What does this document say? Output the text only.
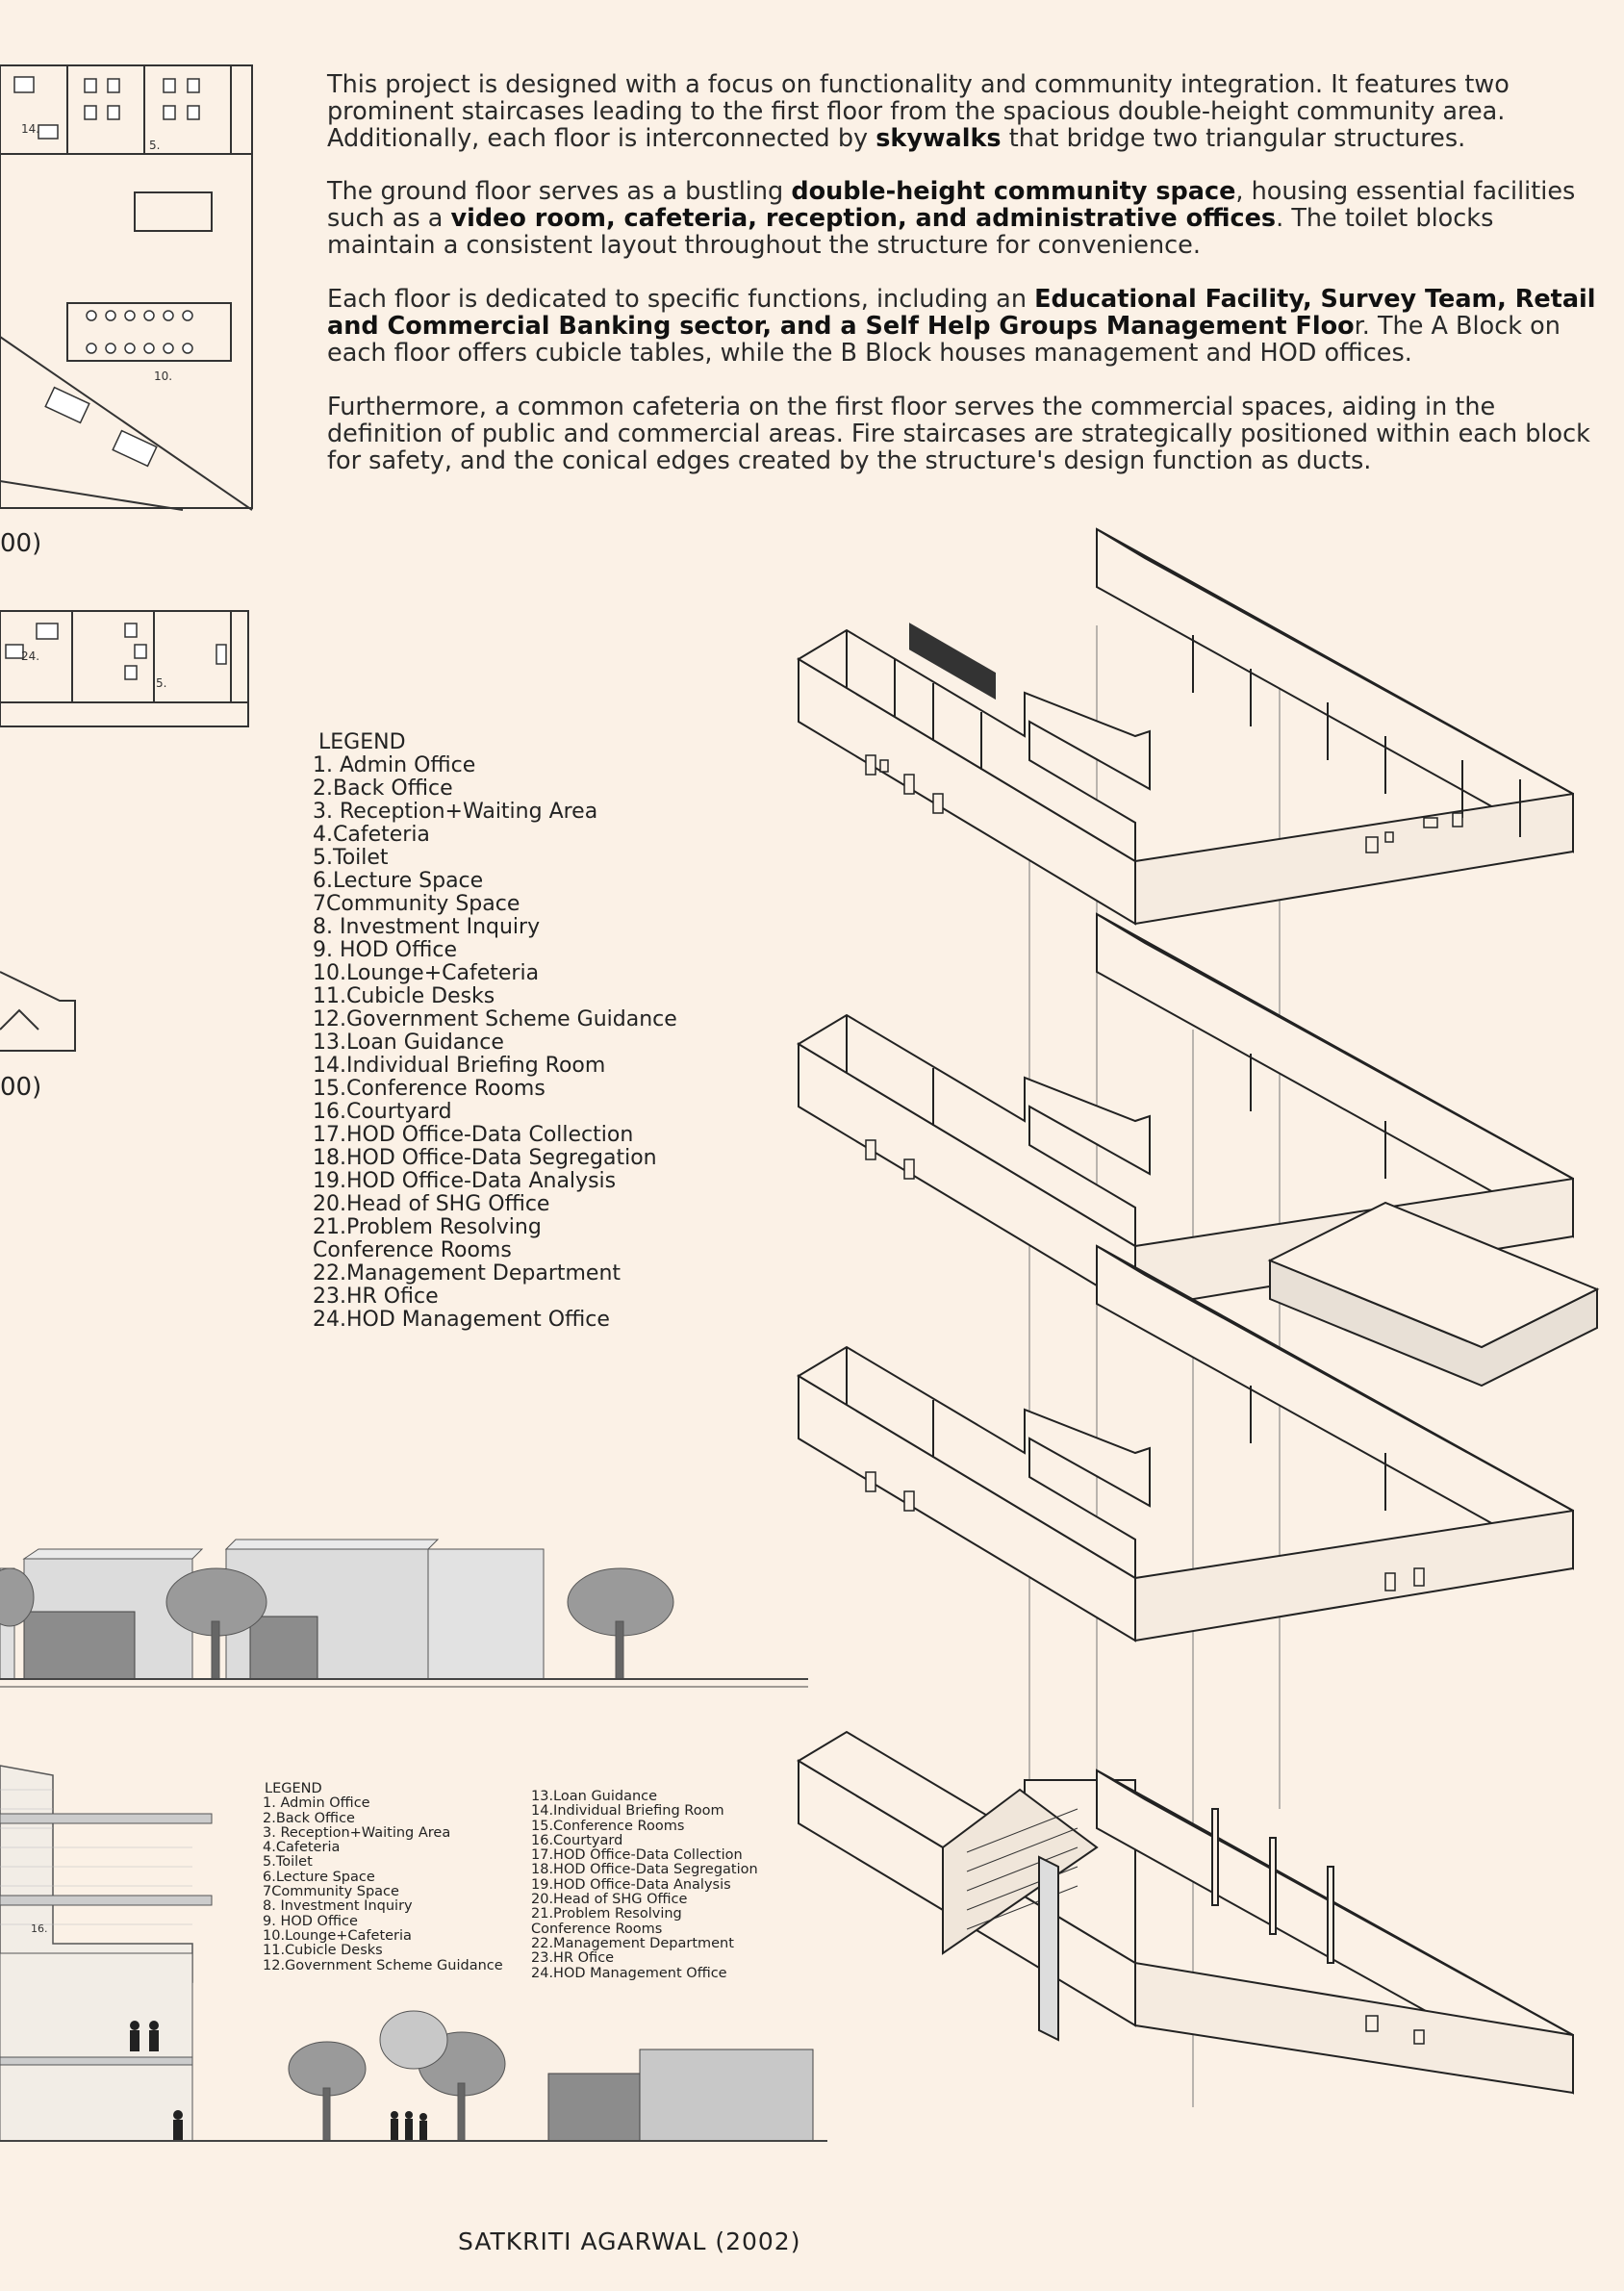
This project is designed with a focus on functionality and community integration. It features two prominent staircases leading to the first floor from the spacious double-height community area. Additionally, each floor is interconnected by skywalks that bridge two triangular structures.
The ground floor serves as a bustling double-height community space, housing essential facilities such as a video room, cafeteria, reception, and administrative offices. The toilet blocks maintain a consistent layout throughout the structure for convenience.
Each floor is dedicated to specific functions, including an Educational Facility, Survey Team, Retail and Commercial Banking sector, and a Self Help Groups Management Floor. The A Block on each floor offers cubicle tables, while the B Block houses management and HOD offices.
Furthermore, a common cafeteria on the first floor serves the commercial spaces, aiding in the definition of public and commercial areas. Fire staircases are strategically positioned within each block for safety, and the conical edges created by the structure's design function as ducts.
14.
5.
10.
00)
24.
5.
00)
LEGEND
1. Admin Office
2.Back Office
3. Reception+Waiting Area
4.Cafeteria
5.Toilet
6.Lecture Space
7Community Space
8. Investment Inquiry
9. HOD Office
10.Lounge+Cafeteria
11.Cubicle Desks
12.Government Scheme Guidance
13.Loan Guidance
14.Individual Briefing Room
15.Conference Rooms
16.Courtyard
17.HOD Office-Data Collection
18.HOD Office-Data Segregation
19.HOD Office-Data Analysis
20.Head of SHG Office
21.Problem Resolving
Conference Rooms
22.Management Department
23.HR Ofice
24.HOD Management Office
16.
LEGEND
1. Admin Office
2.Back Office
3. Reception+Waiting Area
4.Cafeteria
5.Toilet
6.Lecture Space
7Community Space
8. Investment Inquiry
9. HOD Office
10.Lounge+Cafeteria
11.Cubicle Desks
12.Government Scheme Guidance
13.Loan Guidance
14.Individual Briefing Room
15.Conference Rooms
16.Courtyard
17.HOD Office-Data Collection
18.HOD Office-Data Segregation
19.HOD Office-Data Analysis
20.Head of SHG Office
21.Problem Resolving
Conference Rooms
22.Management Department
23.HR Ofice
24.HOD Management Office
SATKRITI AGARWAL (2002)
